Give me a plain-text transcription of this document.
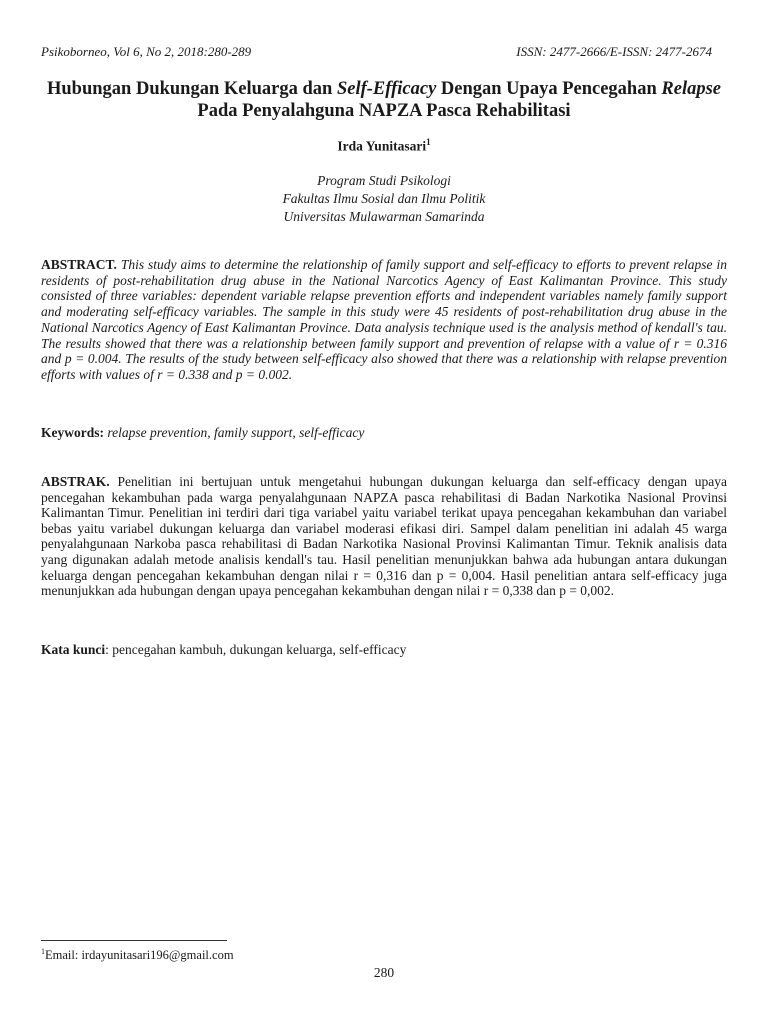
Psikoborneo, Vol 6, No 2, 2018:280-289	ISSN: 2477-2666/E-ISSN: 2477-2674
Hubungan Dukungan Keluarga dan Self-Efficacy Dengan Upaya Pencegahan Relapse Pada Penyalahguna NAPZA Pasca Rehabilitasi
Irda Yunitasari$^1$
Program Studi Psikologi
Fakultas Ilmu Sosial dan Ilmu Politik
Universitas Mulawarman Samarinda
ABSTRACT. This study aims to determine the relationship of family support and self-efficacy to efforts to prevent relapse in residents of post-rehabilitation drug abuse in the National Narcotics Agency of East Kalimantan Province. This study consisted of three variables: dependent variable relapse prevention efforts and independent variables namely family support and moderating self-efficacy variables. The sample in this study were 45 residents of post-rehabilitation drug abuse in the National Narcotics Agency of East Kalimantan Province. Data analysis technique used is the analysis method of kendall's tau. The results showed that there was a relationship between family support and prevention of relapse with a value of r = 0.316 and p = 0.004. The results of the study between self-efficacy also showed that there was a relationship with relapse prevention efforts with values of r = 0.338 and p = 0.002.
Keywords: relapse prevention, family support, self-efficacy
ABSTRAK. Penelitian ini bertujuan untuk mengetahui hubungan dukungan keluarga dan self-efficacy dengan upaya pencegahan kekambuhan pada warga penyalahgunaan NAPZA pasca rehabilitasi di Badan Narkotika Nasional Provinsi Kalimantan Timur. Penelitian ini terdiri dari tiga variabel yaitu variabel terikat upaya pencegahan kekambuhan dan variabel bebas yaitu variabel dukungan keluarga dan variabel moderasi efikasi diri. Sampel dalam penelitian ini adalah 45 warga penyalahgunaan Narkoba pasca rehabilitasi di Badan Narkotika Nasional Provinsi Kalimantan Timur. Teknik analisis data yang digunakan adalah metode analisis kendall's tau. Hasil penelitian menunjukkan bahwa ada hubungan antara dukungan keluarga dengan pencegahan kekambuhan dengan nilai r = 0,316 dan p = 0,004. Hasil penelitian antara self-efficacy juga menunjukkan ada hubungan dengan upaya pencegahan kekambuhan dengan nilai r = 0,338 dan p = 0,002.
Kata kunci: pencegahan kambuh, dukungan keluarga, self-efficacy
$^1$Email: irdayunitasari196@gmail.com
280
